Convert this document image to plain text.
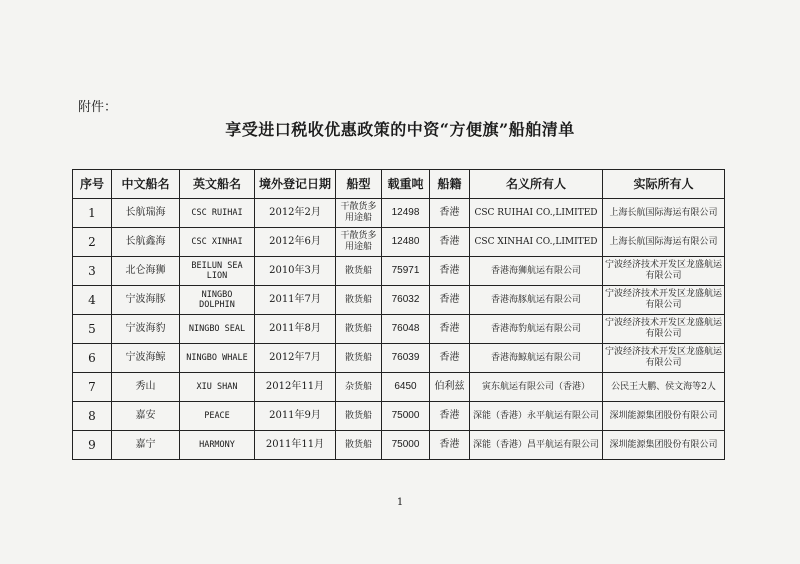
附件：
享受进口税收优惠政策的中资“方便旗”船舶清单
序号	中文船名	英文船名	境外登记日期	船型	载重吨	船籍	名义所有人	实际所有人
1	长航瑞海	CSC RUIHAI	2012年2月	干散货多用途船	12498	香港	CSC RUIHAI CO.,LIMITED	上海长航国际海运有限公司
2	长航鑫海	CSC XINHAI	2012年6月	干散货多用途船	12480	香港	CSC XINHAI CO.,LIMITED	上海长航国际海运有限公司
3	北仑海狮	BEILUN SEA LION	2010年3月	散货船	75971	香港	香港海狮航运有限公司	宁波经济技术开发区龙盛航运有限公司
4	宁波海豚	NINGBO DOLPHIN	2011年7月	散货船	76032	香港	香港海豚航运有限公司	宁波经济技术开发区龙盛航运有限公司
5	宁波海豹	NINGBO SEAL	2011年8月	散货船	76048	香港	香港海豹航运有限公司	宁波经济技术开发区龙盛航运有限公司
6	宁波海鲸	NINGBO WHALE	2012年7月	散货船	76039	香港	香港海鲸航运有限公司	宁波经济技术开发区龙盛航运有限公司
7	秀山	XIU SHAN	2012年11月	杂货船	6450	伯利兹	寅东航运有限公司（香港）	公民王大鹏、侯文海等2人
8	嘉安	PEACE	2011年9月	散货船	75000	香港	深能（香港）永平航运有限公司	深圳能源集团股份有限公司
9	嘉宁	HARMONY	2011年11月	散货船	75000	香港	深能（香港）昌平航运有限公司	深圳能源集团股份有限公司
1
